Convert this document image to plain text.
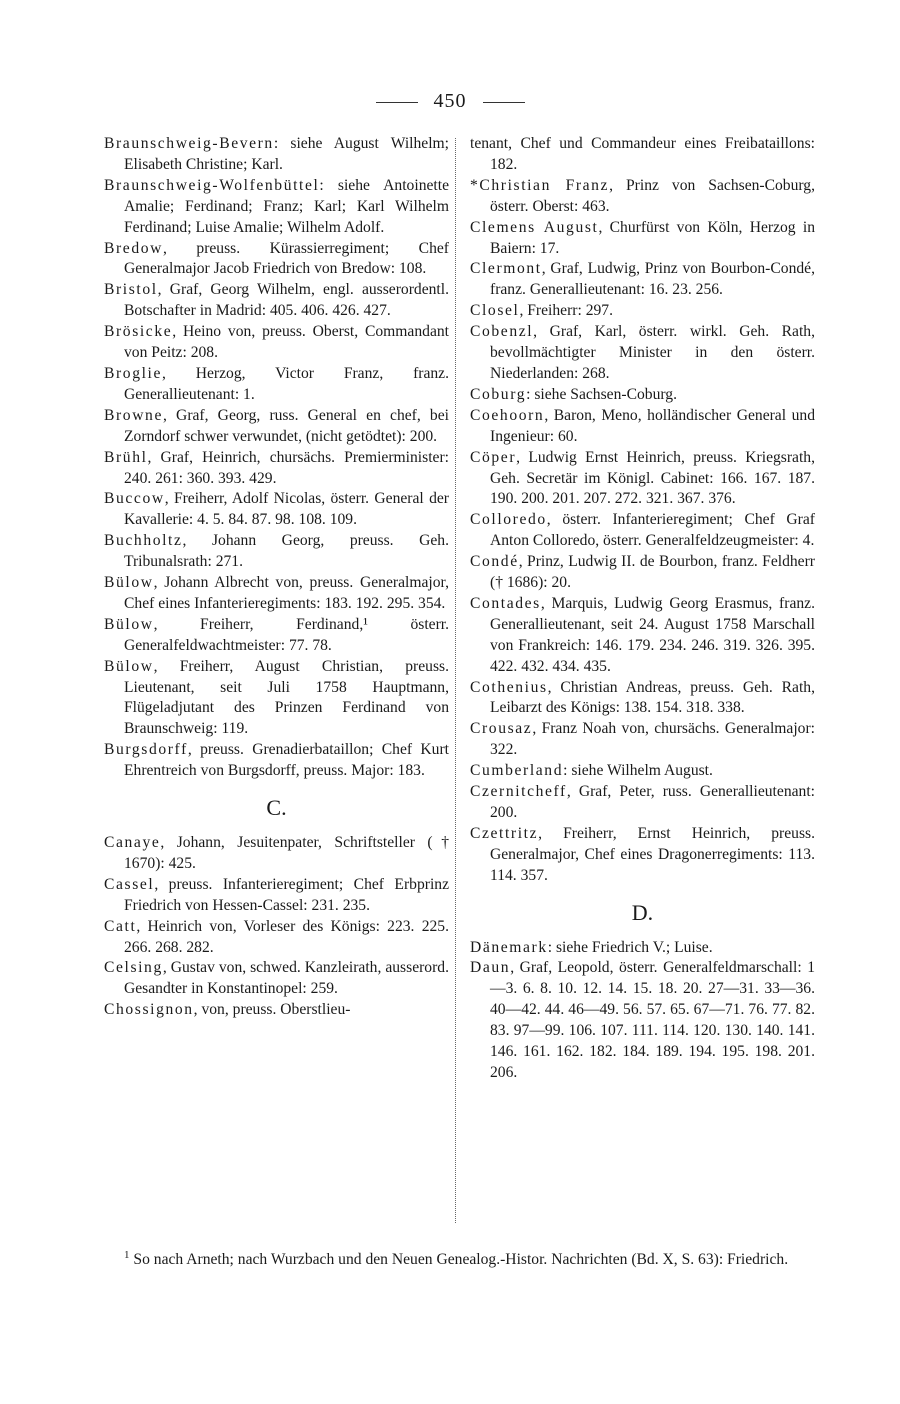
450

Braunschweig-Bevern: siehe August Wilhelm; Elisabeth Christine; Karl.

Braunschweig-Wolfenbüttel: siehe Antoinette Amalie; Ferdinand; Franz; Karl; Karl Wilhelm Ferdinand; Luise Amalie; Wilhelm Adolf.

Bredow, preuss. Kürassierregiment; Chef Generalmajor Jacob Friedrich von Bredow: 108.

Bristol, Graf, Georg Wilhelm, engl. ausserordentl. Botschafter in Madrid: 405. 406. 426. 427.

Brösicke, Heino von, preuss. Oberst, Commandant von Peitz: 208.

Broglie, Herzog, Victor Franz, franz. Generallieutenant: 1.

Browne, Graf, Georg, russ. General en chef, bei Zorndorf schwer verwundet, (nicht getödtet): 200.

Brühl, Graf, Heinrich, chursächs. Premierminister: 240. 261: 360. 393. 429.

Buccow, Freiherr, Adolf Nicolas, österr. General der Kavallerie: 4. 5. 84. 87. 98. 108. 109.

Buchholtz, Johann Georg, preuss. Geh. Tribunalsrath: 271.

Bülow, Johann Albrecht von, preuss. Generalmajor, Chef eines Infanterieregiments: 183. 192. 295. 354.

Bülow, Freiherr, Ferdinand,¹ österr. Generalfeldwachtmeister: 77. 78.

Bülow, Freiherr, August Christian, preuss. Lieutenant, seit Juli 1758 Hauptmann, Flügeladjutant des Prinzen Ferdinand von Braunschweig: 119.

Burgsdorff, preuss. Grenadierbataillon; Chef Kurt Ehrentreich von Burgsdorff, preuss. Major: 183.

C.

Canaye, Johann, Jesuitenpater, Schriftsteller († 1670): 425.

Cassel, preuss. Infanterieregiment; Chef Erbprinz Friedrich von Hessen-Cassel: 231. 235.

Catt, Heinrich von, Vorleser des Königs: 223. 225. 266. 268. 282.

Celsing, Gustav von, schwed. Kanzleirath, ausserord. Gesandter in Konstantinopel: 259.

Chossignon, von, preuss. Oberstlieu-

tenant, Chef und Commandeur eines Freibataillons: 182.

*Christian Franz, Prinz von Sachsen-Coburg, österr. Oberst: 463.

Clemens August, Churfürst von Köln, Herzog in Baiern: 17.

Clermont, Graf, Ludwig, Prinz von Bourbon-Condé, franz. Generallieutenant: 16. 23. 256.

Closel, Freiherr: 297.

Cobenzl, Graf, Karl, österr. wirkl. Geh. Rath, bevollmächtigter Minister in den österr. Niederlanden: 268.

Coburg: siehe Sachsen-Coburg.

Coehoorn, Baron, Meno, holländischer General und Ingenieur: 60.

Cöper, Ludwig Ernst Heinrich, preuss. Kriegsrath, Geh. Secretär im Königl. Cabinet: 166. 167. 187. 190. 200. 201. 207. 272. 321. 367. 376.

Colloredo, österr. Infanterieregiment; Chef Graf Anton Colloredo, österr. Generalfeldzeugmeister: 4.

Condé, Prinz, Ludwig II. de Bourbon, franz. Feldherr († 1686): 20.

Contades, Marquis, Ludwig Georg Erasmus, franz. Generallieutenant, seit 24. August 1758 Marschall von Frankreich: 146. 179. 234. 246. 319. 326. 395. 422. 432. 434. 435.

Cothenius, Christian Andreas, preuss. Geh. Rath, Leibarzt des Königs: 138. 154. 318. 338.

Crousaz, Franz Noah von, chursächs. Generalmajor: 322.

Cumberland: siehe Wilhelm August.

Czernitcheff, Graf, Peter, russ. Generallieutenant: 200.

Czettritz, Freiherr, Ernst Heinrich, preuss. Generalmajor, Chef eines Dragonerregiments: 113. 114. 357.

D.

Dänemark: siehe Friedrich V.; Luise.

Daun, Graf, Leopold, österr. Generalfeldmarschall: 1—3. 6. 8. 10. 12. 14. 15. 18. 20. 27—31. 33—36. 40—42. 44. 46—49. 56. 57. 65. 67—71. 76. 77. 82. 83. 97—99. 106. 107. 111. 114. 120. 130. 140. 141. 146. 161. 162. 182. 184. 189. 194. 195. 198. 201. 206.

$^1$ So nach Arneth; nach Wurzbach und den Neuen Genealog.-Histor. Nachrichten (Bd. X, S. 63): Friedrich.
